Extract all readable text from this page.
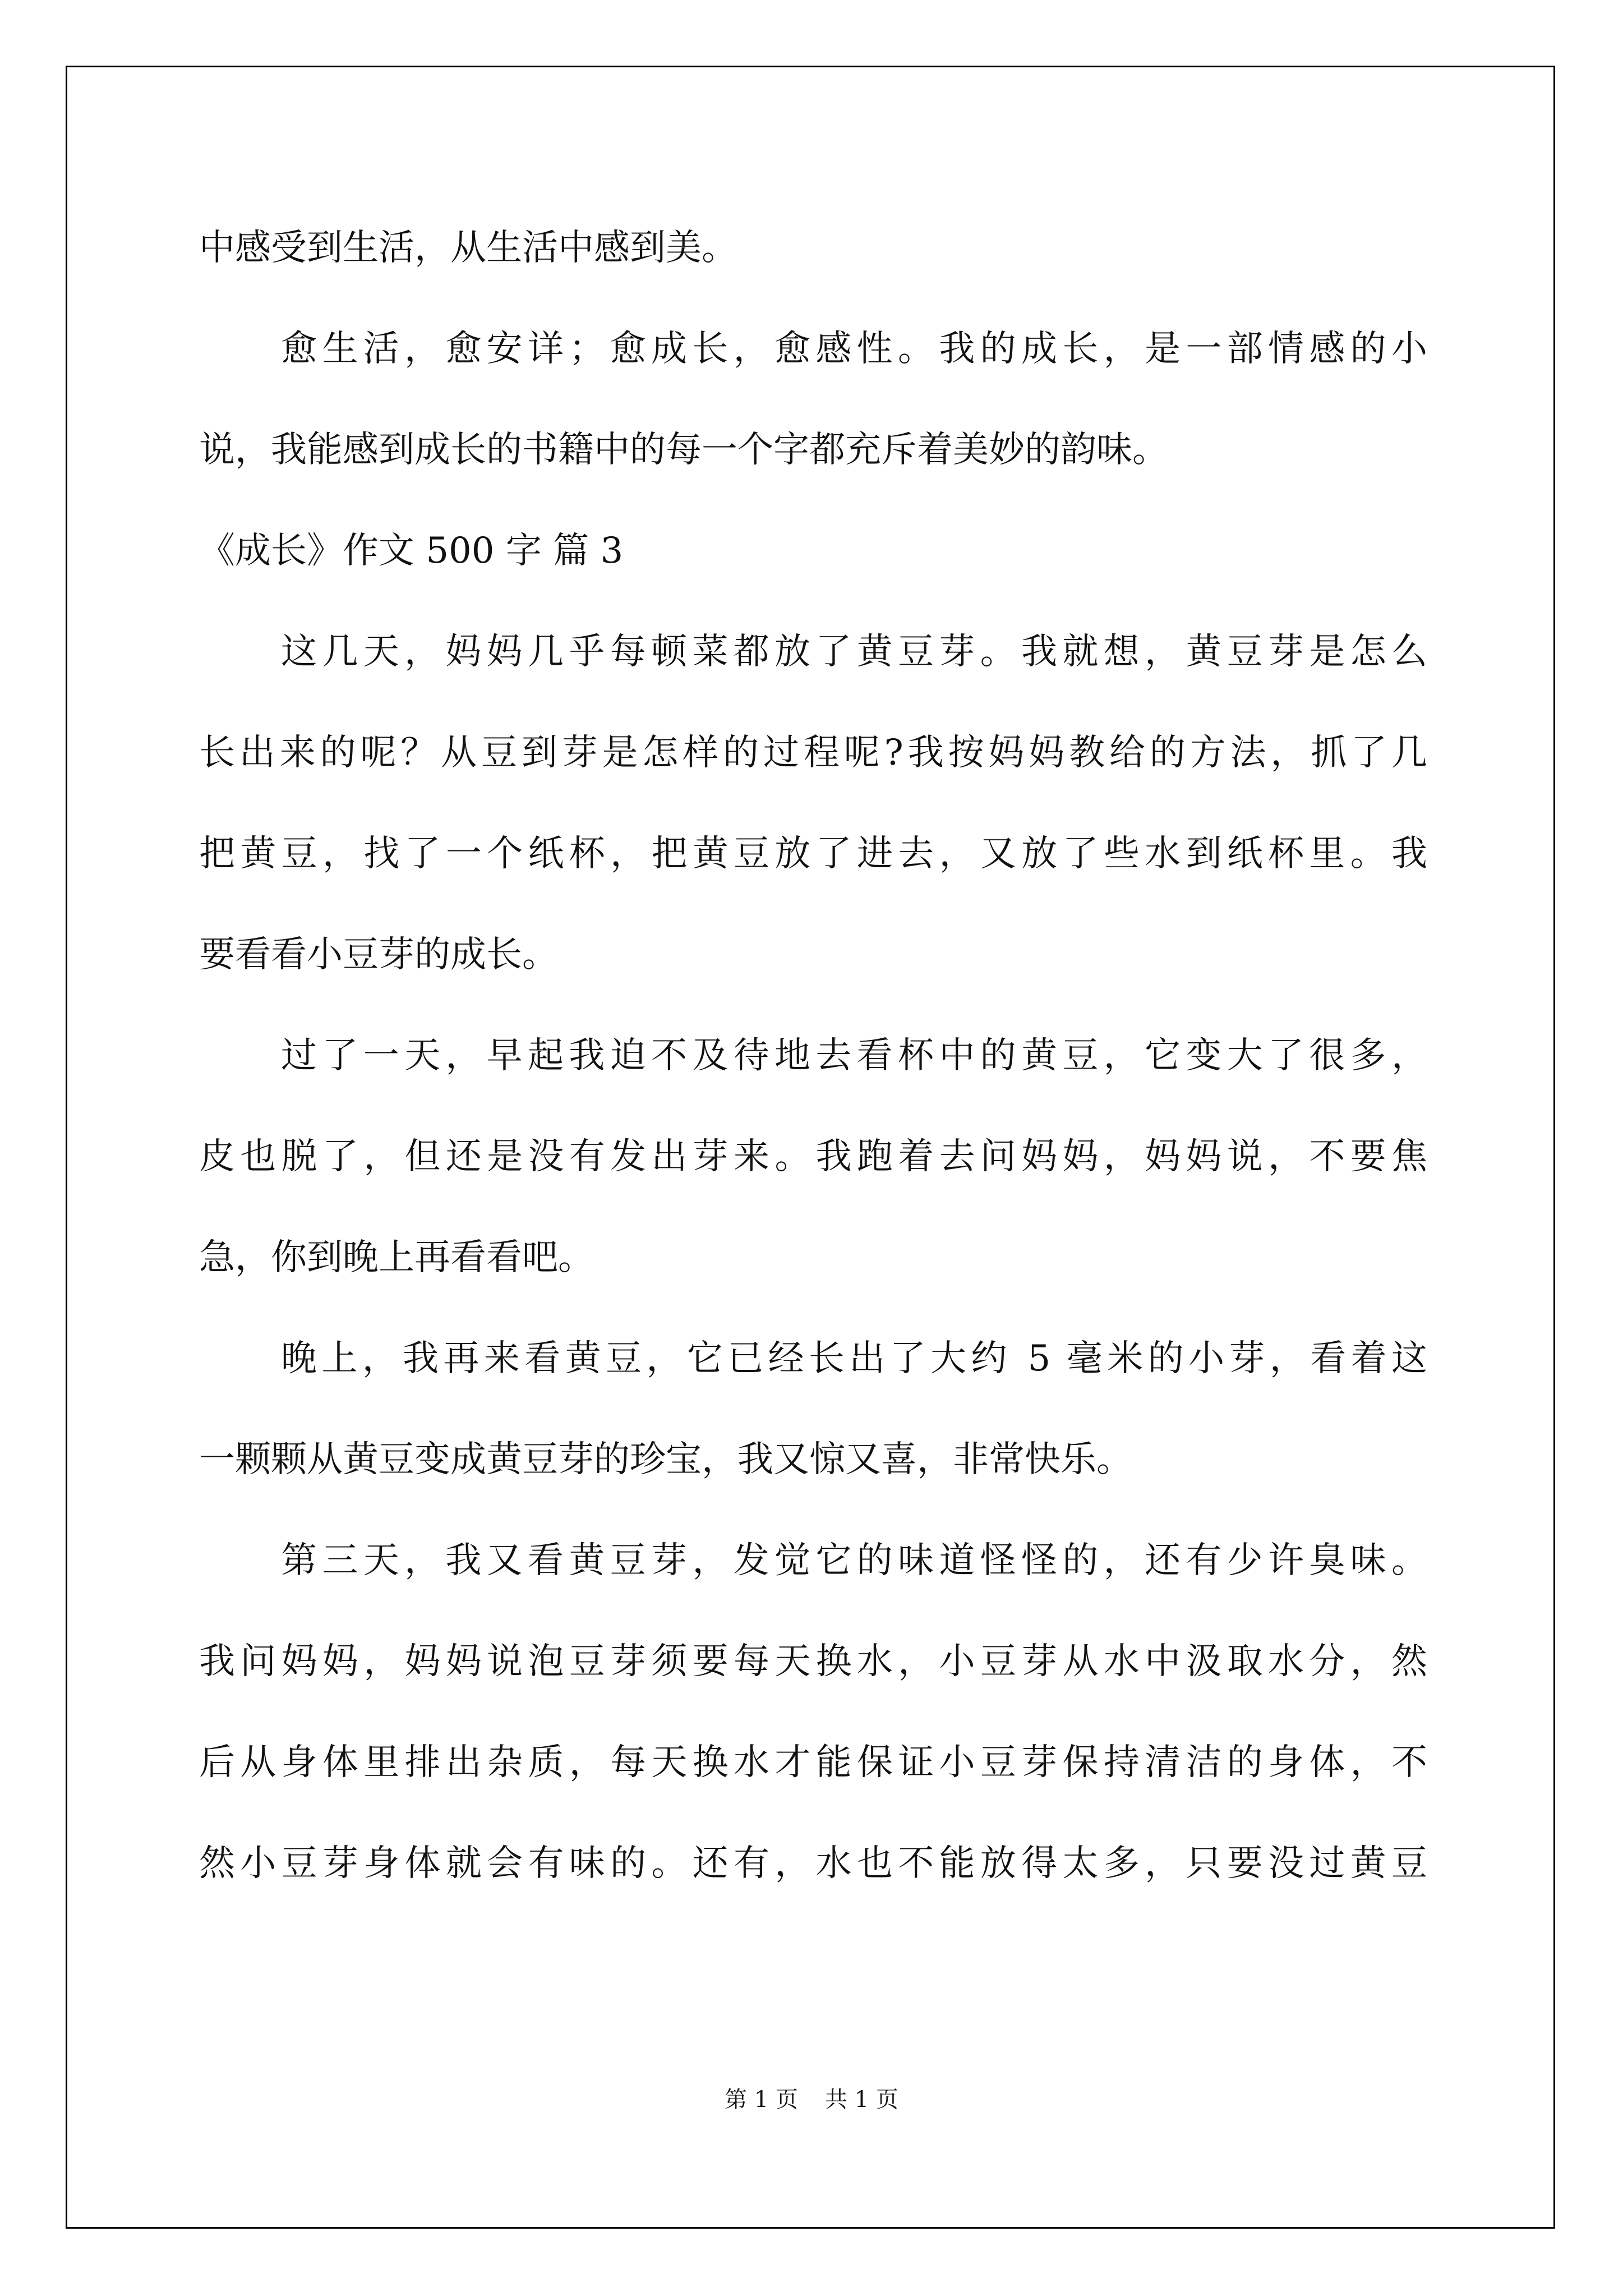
中感受到生活，从生活中感到美。
愈生活，愈安详；愈成长，愈感性。我的成长，是一部情感的小
说，我能感到成长的书籍中的每一个字都充斥着美妙的韵味。
《成长》作文 500 字 篇 3
这几天，妈妈几乎每顿菜都放了黄豆芽。我就想，黄豆芽是怎么
长出来的呢？从豆到芽是怎样的过程呢?我按妈妈教给的方法，抓了几
把黄豆，找了一个纸杯，把黄豆放了进去，又放了些水到纸杯里。我
要看看小豆芽的成长。
过了一天，早起我迫不及待地去看杯中的黄豆，它变大了很多，
皮也脱了，但还是没有发出芽来。我跑着去问妈妈，妈妈说，不要焦
急，你到晚上再看看吧。
晚上，我再来看黄豆，它已经长出了大约 5 毫米的小芽，看着这
一颗颗从黄豆变成黄豆芽的珍宝，我又惊又喜，非常快乐。
第三天，我又看黄豆芽，发觉它的味道怪怪的，还有少许臭味。
我问妈妈，妈妈说泡豆芽须要每天换水，小豆芽从水中汲取水分，然
后从身体里排出杂质，每天换水才能保证小豆芽保持清洁的身体，不
然小豆芽身体就会有味的。还有，水也不能放得太多，只要没过黄豆
第 1 页 共 1 页
